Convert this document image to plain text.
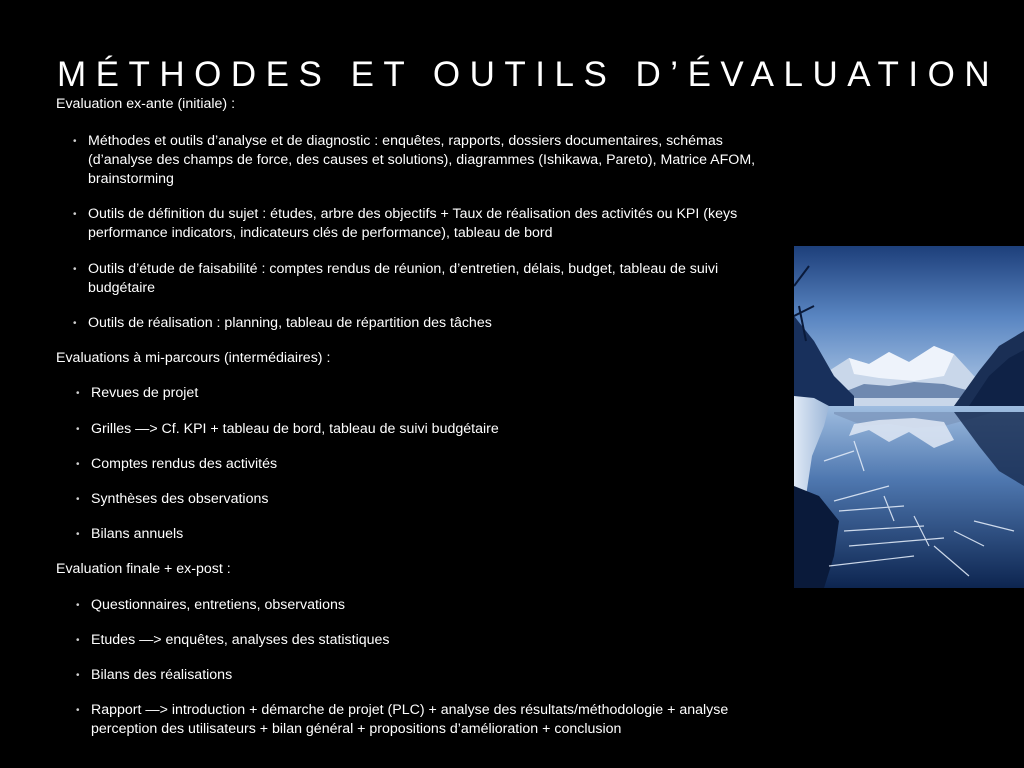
MÉTHODES ET OUTILS D’ÉVALUATION
Evaluation ex-ante (initiale) :
• Méthodes et outils d’analyse et de diagnostic : enquêtes, rapports, dossiers documentaires, schémas
(d’analyse des champs de force, des causes et solutions), diagrammes (Ishikawa, Pareto), Matrice AFOM,
brainstorming
• Outils de définition du sujet : études, arbre des objectifs + Taux de réalisation des activités ou KPI (keys
performance indicators, indicateurs clés de performance), tableau de bord
• Outils d’étude de faisabilité : comptes rendus de réunion, d’entretien, délais, budget, tableau de suivi
budgétaire
• Outils de réalisation : planning, tableau de répartition des tâches
Evaluations à mi-parcours (intermédiaires) :
• Revues de projet
• Grilles —> Cf. KPI + tableau de bord, tableau de suivi budgétaire
• Comptes rendus des activités
• Synthèses des observations
• Bilans annuels
Evaluation finale + ex-post :
• Questionnaires, entretiens, observations
• Etudes —> enquêtes, analyses des statistiques
• Bilans des réalisations
• Rapport —> introduction + démarche de projet (PLC) + analyse des résultats/méthodologie + analyse
perception des utilisateurs + bilan général + propositions d’amélioration + conclusion
